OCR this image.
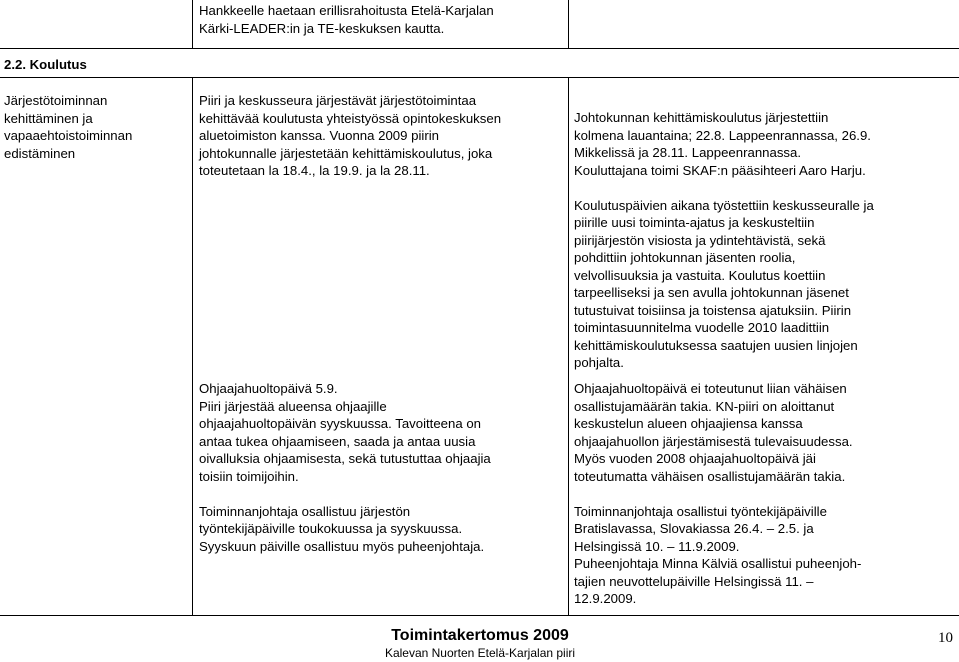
Hankkeelle haetaan erillisrahoitusta Etelä-Karjalan
Kärki-LEADER:in ja TE-keskuksen kautta.
2.2. Koulutus
Järjestötoiminnan
kehittäminen ja
vapaaehtoistoiminnan
edistäminen
Piiri ja keskusseura järjestävät järjestötoimintaa
kehittävää koulutusta yhteistyössä opintokeskuksen
aluetoimiston kanssa. Vuonna 2009 piirin
johtokunnalle järjestetään kehittämiskoulutus, joka
toteutetaan la 18.4., la 19.9. ja la 28.11.
Johtokunnan kehittämiskoulutus järjestettiin
kolmena lauantaina; 22.8. Lappeenrannassa, 26.9.
Mikkelissä ja 28.11. Lappeenrannassa.
Kouluttajana toimi SKAF:n pääsihteeri Aaro Harju.
Koulutuspäivien aikana työstettiin keskusseuralle ja
piirille uusi toiminta-ajatus ja keskusteltiin
piirijärjestön visiosta ja ydintehtävistä, sekä
pohdittiin johtokunnan jäsenten roolia,
velvollisuuksia ja vastuita. Koulutus koettiin
tarpeelliseksi ja sen avulla johtokunnan jäsenet
tutustuivat toisiinsa ja toistensa ajatuksiin. Piirin
toimintasuunnitelma vuodelle 2010 laadittiin
kehittämiskoulutuksessa saatujen uusien linjojen
pohjalta.
Ohjaajahuoltopäivä 5.9.
Piiri järjestää alueensa ohjaajille
ohjaajahuoltopäivän syyskuussa. Tavoitteena on
antaa tukea ohjaamiseen, saada ja antaa uusia
oivalluksia ohjaamisesta, sekä tutustuttaa ohjaajia
toisiin toimijoihin.
Toiminnanjohtaja osallistuu järjestön
työntekijäpäiville toukokuussa ja syyskuussa.
Syyskuun päiville osallistuu myös puheenjohtaja.
Ohjaajahuoltopäivä ei toteutunut liian vähäisen
osallistujamäärän takia. KN-piiri on aloittanut
keskustelun alueen ohjaajiensa kanssa
ohjaajahuollon järjestämisestä tulevaisuudessa.
Myös vuoden 2008 ohjaajahuoltopäivä jäi
toteutumatta vähäisen osallistujamäärän takia.
Toiminnanjohtaja osallistui työntekijäpäiville
Bratislavassa, Slovakiassa 26.4. – 2.5. ja
Helsingissä 10. – 11.9.2009.
Puheenjohtaja Minna Kälviä osallistui puheenjoh-
tajien neuvottelupäiville Helsingissä 11. –
12.9.2009.
Toimintakertomus 2009
Kalevan Nuorten Etelä-Karjalan piiri
10
